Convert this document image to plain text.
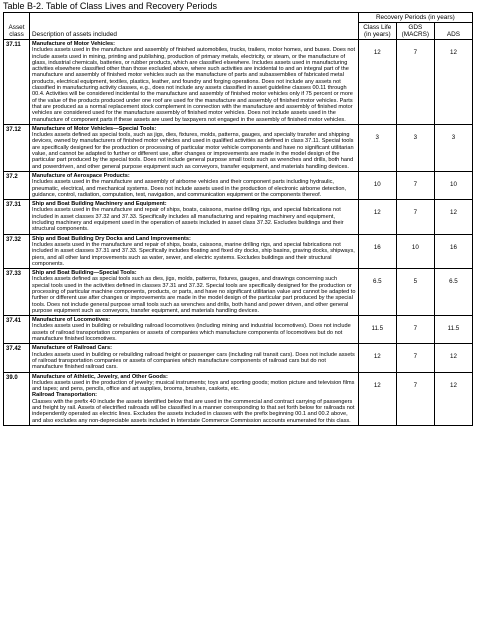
Table B-2. Table of Class Lives and Recovery Periods
Asset class	Description of assets included	Recovery Periods (in years)		
		Class Life (in years)	GDS (MACRS)	ADS
37.11	Manufacture of Motor Vehicles:
Includes assets used in the manufacture and assembly of finished automobiles, trucks, trailers, motor homes, and buses. Does not include assets used in mining, printing and publishing, production of primary metals, electricity, or steam, or the manufacture of glass, industrial chemicals, batteries, or rubber products, which are classified elsewhere. Includes assets used in manufacturing activities elsewhere classified other than those excluded above, where such activities are incidental to and an integral part of the manufacture and assembly of finished motor vehicles such as the manufacture of parts and subassemblies of fabricated metal products, electrical equipment, textiles, plastics, leather, and foundry and forging operations. Does not include any assets not classified in manufacturing activity classes, e.g., does not include any assets classified in asset guideline classes 00.11 through 00.4. Activities will be considered incidental to the manufacture and assembly of finished motor vehicles only if 75 percent or more of the value of the products produced under one roof are used for the manufacture and assembly of finished motor vehicles. Parts that are produced as a normal replacement stock complement in connection with the manufacture and assembly of finished motor vehicles are considered used for the manufacture assembly of finished motor vehicles. Does not include assets used in the manufacture of component parts if these assets are used by taxpayers not engaged in the assembly of finished motor vehicles.	12	7	12
37.12	Manufacture of Motor Vehicles—Special Tools:
Includes assets defined as special tools, such as jigs, dies, fixtures, molds, patterns, gauges, and specialty transfer and shipping devices, owned by manufacturers of finished motor vehicles and used in qualified activities as defined in class 37.11. Special tools are specifically designed for the production or processing of particular motor vehicle components and have no significant utilitarian value, and cannot be adapted to further or different use, after changes or improvements are made in the model design of the particular part produced by the special tools. Does not include general purpose small tools such as wrenches and drills, both hand and powerdriven, and other general purpose equipment such as conveyors, transfer equipment, and materials handling devices.	3	3	3
37.2	Manufacture of Aerospace Products:
Includes assets used in the manufacture and assembly of airborne vehicles and their component parts including hydraulic, pneumatic, electrical, and mechanical systems. Does not include assets used in the production of electronic airborne detection, guidance, control, radiation, computation, test, navigation, and communication equipment or the components thereof.	10	7	10
37.31	Ship and Boat Building Machinery and Equipment:
Includes assets used in the manufacture and repair of ships, boats, caissons, marine drilling rigs, and special fabrications not included in asset classes 37.32 and 37.33. Specifically includes all manufacturing and repairing machinery and equipment, including machinery and equipment used in the operation of assets included in asset class 37.32. Excludes buildings and their structural components.	12	7	12
37.32	Ship and Boat Building Dry Docks and Land Improvements:
Includes assets used in the manufacture and repair of ships, boats, caissons, marine drilling rigs, and special fabrications not included in asset classes 37.31 and 37.33. Specifically includes floating and fixed dry docks, ship basins, graving docks, shipways, piers, and all other land improvements such as water, sewer, and electric systems. Excludes buildings and their structural components.	16	10	16
37.33	Ship and Boat Building—Special Tools:
Includes assets defined as special tools such as dies, jigs, molds, patterns, fixtures, gauges, and drawings concerning such special tools used in the activities defined in classes 37.31 and 37.32. Special tools are specifically designed for the production or processing of particular machine components, products, or parts, and have no significant utilitarian value and cannot be adapted to further or different use after changes or improvements are made in the model design of the particular part produced by the special tools. Does not include general purpose small tools such as wrenches and drills, both hand and power driven, and other general purpose equipment such as conveyors, transfer equipment, and materials handling devices.	6.5	5	6.5
37.41	Manufacture of Locomotives:
Includes assets used in building or rebuilding railroad locomotives (including mining and industrial locomotives). Does not include assets of railroad transportation companies or assets of companies which manufacture components of locomotives but do not manufacture finished locomotives.	11.5	7	11.5
37.42	Manufacture of Railroad Cars:
Includes assets used in building or rebuilding railroad freight or passenger cars (including rail transit cars). Does not include assets of railroad transportation companies or assets of companies which manufacture components of railroad cars but do not manufacture finished railroad cars.	12	7	12
39.0	Manufacture of Athletic, Jewelry, and Other Goods:
Includes assets used in the production of jewelry; musical instruments; toys and sporting goods; motion picture and television films and tapes; and pens, pencils, office and art supplies, brooms, brushes, caskets, etc.
Railroad Transportation:
Classes with the prefix 40 include the assets identified below that are used in the commercial and contract carrying of passengers and freight by rail. Assets of electrified railroads will be classified in a manner corresponding to that set forth below for railroads not independently operated as electric lines. Excludes the assets included in classes with the prefix beginning 00.1 and 00.2 above, and also excludes any non-depreciable assets included in Interstate Commerce Commission accounts enumerated for this class.	12	7	12
